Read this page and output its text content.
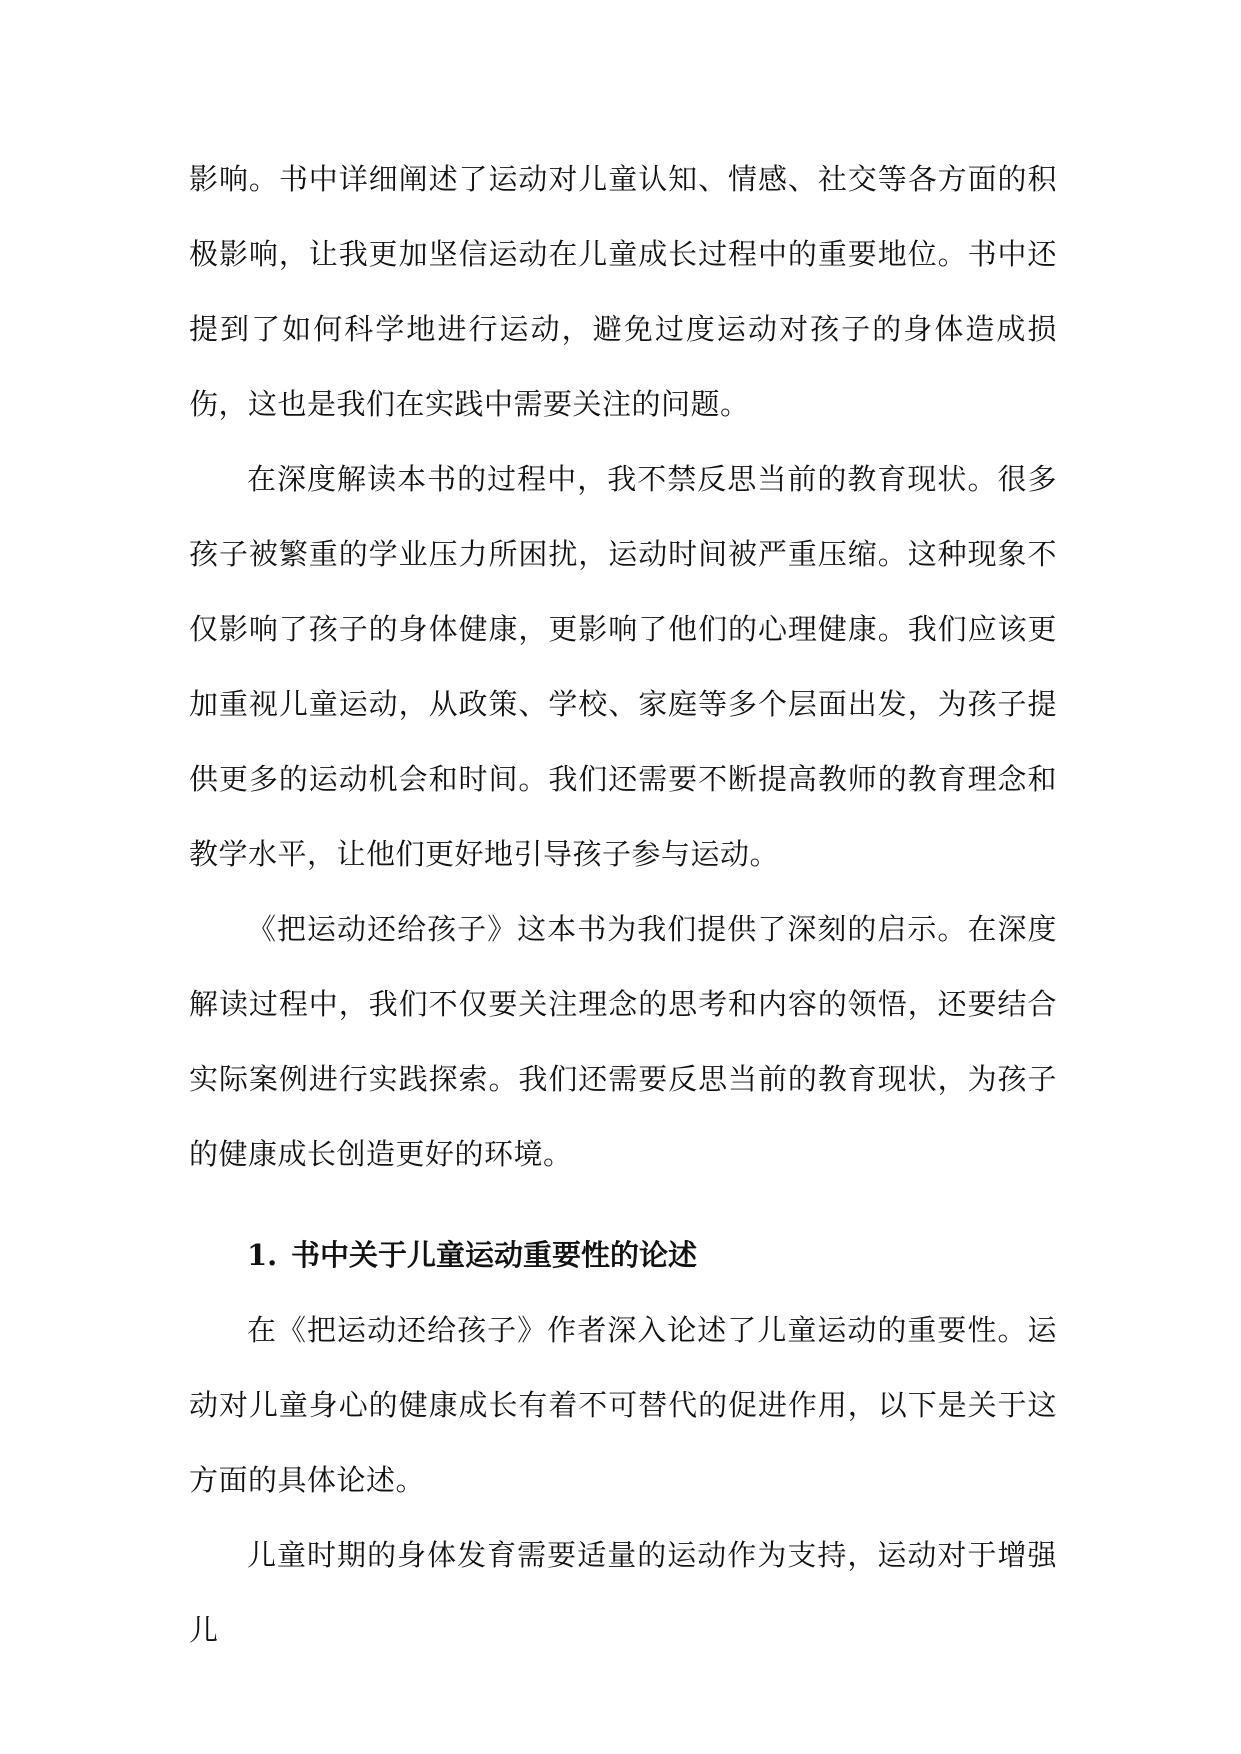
影响。书中详细阐述了运动对儿童认知、情感、社交等各方面的积极影响，让我更加坚信运动在儿童成长过程中的重要地位。书中还提到了如何科学地进行运动，避免过度运动对孩子的身体造成损伤，这也是我们在实践中需要关注的问题。

在深度解读本书的过程中，我不禁反思当前的教育现状。很多孩子被繁重的学业压力所困扰，运动时间被严重压缩。这种现象不仅影响了孩子的身体健康，更影响了他们的心理健康。我们应该更加重视儿童运动，从政策、学校、家庭等多个层面出发，为孩子提供更多的运动机会和时间。我们还需要不断提高教师的教育理念和教学水平，让他们更好地引导孩子参与运动。

《把运动还给孩子》这本书为我们提供了深刻的启示。在深度解读过程中，我们不仅要关注理念的思考和内容的领悟，还要结合实际案例进行实践探索。我们还需要反思当前的教育现状，为孩子的健康成长创造更好的环境。

1. 书中关于儿童运动重要性的论述

在《把运动还给孩子》作者深入论述了儿童运动的重要性。运动对儿童身心的健康成长有着不可替代的促进作用，以下是关于这方面的具体论述。

儿童时期的身体发育需要适量的运动作为支持，运动对于增强儿
